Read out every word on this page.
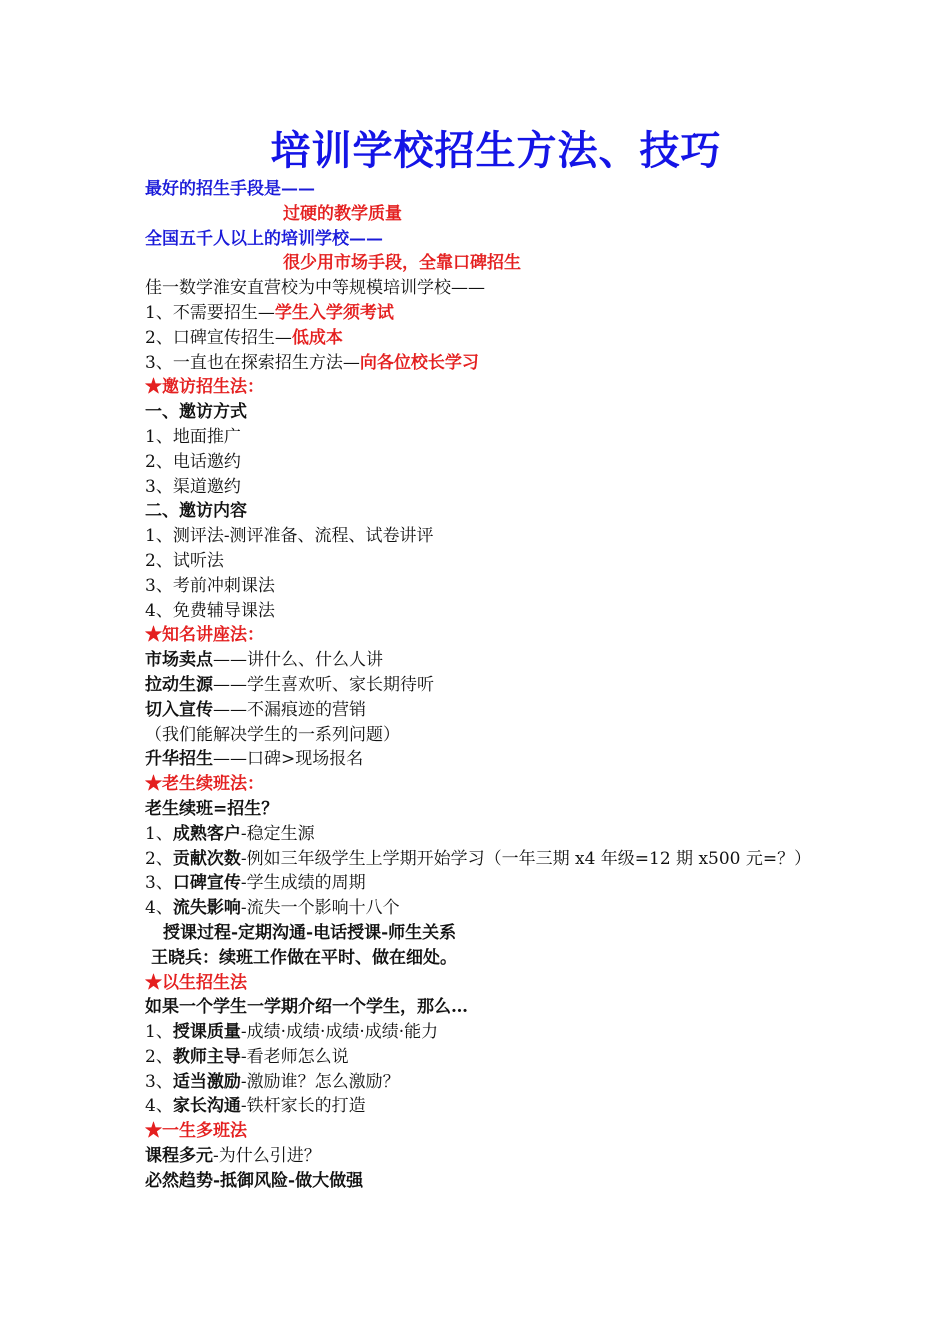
培训学校招生方法、技巧
最好的招生手段是——
过硬的教学质量
全国五千人以上的培训学校——
很少用市场手段，全靠口碑招生
佳一数学淮安直营校为中等规模培训学校——
1、不需要招生—学生入学须考试
2、口碑宣传招生—低成本
3、一直也在探索招生方法—向各位校长学习
★邀访招生法：
一、邀访方式
1、地面推广
2、电话邀约
3、渠道邀约
二、邀访内容
1、测评法-测评准备、流程、试卷讲评
2、试听法
3、考前冲刺课法
4、免费辅导课法
★知名讲座法：
市场卖点——讲什么、什么人讲
拉动生源——学生喜欢听、家长期待听
切入宣传——不漏痕迹的营销
（我们能解决学生的一系列问题）
升华招生——口碑>现场报名
★老生续班法：
老生续班=招生？
1、成熟客户-稳定生源
2、贡献次数-例如三年级学生上学期开始学习（一年三期 x4 年级=12 期 x500 元=？）
3、口碑宣传-学生成绩的周期
4、流失影响-流失一个影响十八个
授课过程-定期沟通-电话授课-师生关系
王晓兵：续班工作做在平时、做在细处。
★以生招生法
如果一个学生一学期介绍一个学生，那么…
1、授课质量-成绩·成绩·成绩·成绩·能力
2、教师主导-看老师怎么说
3、适当激励-激励谁？怎么激励？
4、家长沟通-铁杆家长的打造
★一生多班法
课程多元-为什么引进？
必然趋势-抵御风险-做大做强
